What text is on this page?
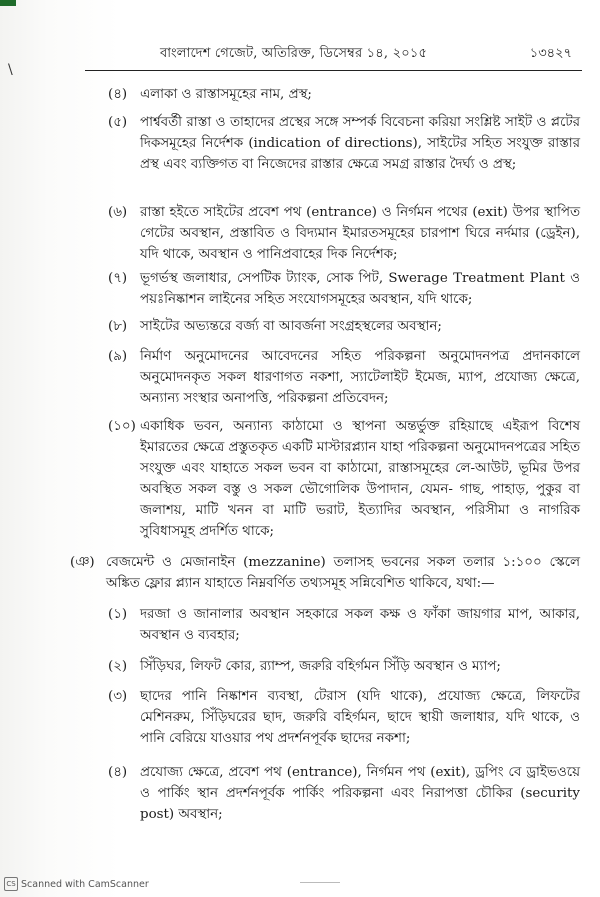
\
বাংলাদেশ গেজেট, অতিরিক্ত, ডিসেম্বর ১৪, ২০১৫	১৩৪২৭
(৪) এলাকা ও রাস্তাসমূহের নাম, প্রস্থ;
(৫) পার্শ্ববর্তী রাস্তা ও তাহাদের প্রস্থের সঙ্গে সম্পর্ক বিবেচনা করিয়া সংশ্লিষ্ট সাইট ও প্লটের দিকসমূহের নির্দেশক (indication of directions), সাইটের সহিত সংযুক্ত রাস্তার প্রস্থ এবং ব্যক্তিগত বা নিজেদের রাস্তার ক্ষেত্রে সমগ্র রাস্তার দৈর্ঘ্য ও প্রস্থ;
(৬) রাস্তা হইতে সাইটের প্রবেশ পথ (entrance) ও নির্গমন পথের (exit) উপর স্থাপিত গেটের অবস্থান, প্রস্তাবিত ও বিদ্যমান ইমারতসমূহের চারপাশ ঘিরে নর্দমার (ড্রেইন), যদি থাকে, অবস্থান ও পানিপ্রবাহের দিক নির্দেশক;
(৭) ভূগর্ভস্থ জলাধার, সেপটিক ট্যাংক, সোক পিট, Swerage Treatment Plant ও পয়ঃনিষ্কাশন লাইনের সহিত সংযোগসমূহের অবস্থান, যদি থাকে;
(৮) সাইটের অভ্যন্তরে বর্জ্য বা আবর্জনা সংগ্রহস্থলের অবস্থান;
(৯) নির্মাণ অনুমোদনের আবেদনের সহিত পরিকল্পনা অনুমোদনপত্র প্রদানকালে অনুমোদনকৃত সকল ধারণাগত নকশা, স্যাটেলাইট ইমেজ, ম্যাপ, প্রযোজ্য ক্ষেত্রে, অন্যান্য সংস্থার অনাপত্তি, পরিকল্পনা প্রতিবেদন;
(১০) একাধিক ভবন, অন্যান্য কাঠামো ও স্থাপনা অন্তর্ভুক্ত রহিয়াছে এইরূপ বিশেষ ইমারতের ক্ষেত্রে প্রস্তুতকৃত একটি মাস্টারপ্ল্যান যাহা পরিকল্পনা অনুমোদনপত্রের সহিত সংযুক্ত এবং যাহাতে সকল ভবন বা কাঠামো, রাস্তাসমূহের লে-আউট, ভূমির উপর অবস্থিত সকল বস্তু ও সকল ভৌগোলিক উপাদান, যেমন- গাছ, পাহাড়, পুকুর বা জলাশয়, মাটি খনন বা মাটি ভরাট, ইত্যাদির অবস্থান, পরিসীমা ও নাগরিক সুবিধাসমূহ প্রদর্শিত থাকে;
(ঞ) বেজমেন্ট ও মেজানাইন (mezzanine) তলাসহ ভবনের সকল তলার ১:১০০ স্কেলে অঙ্কিত ফ্লোর প্ল্যান যাহাতে নিম্নবর্ণিত তথ্যসমূহ সন্নিবেশিত থাকিবে, যথা:—
(১) দরজা ও জানালার অবস্থান সহকারে সকল কক্ষ ও ফাঁকা জায়গার মাপ, আকার, অবস্থান ও ব্যবহার;
(২) সিঁড়িঘর, লিফট কোর, র‍্যাম্প, জরুরি বহির্গমন সিঁড়ি অবস্থান ও ম্যাপ;
(৩) ছাদের পানি নিষ্কাশন ব্যবস্থা, টেরাস (যদি থাকে), প্রযোজ্য ক্ষেত্রে, লিফটের মেশিনরুম, সিঁড়িঘরের ছাদ, জরুরি বহির্গমন, ছাদে স্থায়ী জলাধার, যদি থাকে, ও পানি বেরিয়ে যাওয়ার পথ প্রদর্শনপূর্বক ছাদের নকশা;
(৪) প্রযোজ্য ক্ষেত্রে, প্রবেশ পথ (entrance), নির্গমন পথ (exit), ড্রপিং বে ড্রাইভওয়ে ও পার্কিং স্থান প্রদর্শনপূর্বক পার্কিং পরিকল্পনা এবং নিরাপত্তা চৌকির (security post) অবস্থান;
CS Scanned with CamScanner
